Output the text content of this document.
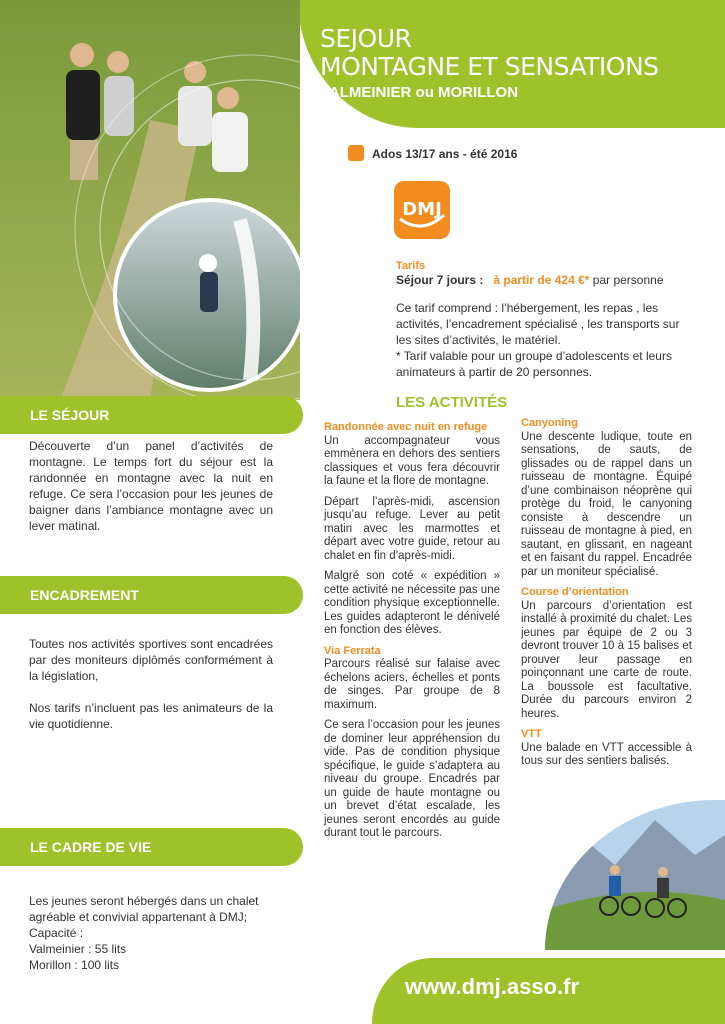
SEJOUR
MONTAGNE ET SENSATIONS
VALMEINIER ou MORILLON
Ados 13/17 ans - été 2016
DMJ
Tarifs
Séjour 7 jours : à partir de 424 €* par personne
Ce tarif comprend : l’hébergement, les repas , les activités, l’encadrement spécialisé , les transports sur les sites d’activités, le matériel.
* Tarif valable pour un groupe d’adolescents et leurs animateurs à partir de 20 personnes.
LE SÉJOUR
Découverte d’un panel d’activités de montagne. Le temps fort du séjour est la randonnée en montagne avec la nuit en refuge. Ce sera l’occasion pour les jeunes de baigner dans l’ambiance montagne avec un lever matinal.
ENCADREMENT
Toutes nos activités sportives sont encadrées par des moniteurs diplômés conformément à la législation,
Nos tarifs n’incluent pas les animateurs de la vie quotidienne.
LE CADRE DE VIE
Les jeunes seront hébergés dans un chalet agréable et convivial appartenant à DMJ;
Capacité :
Valmeinier : 55 lits
Morillon : 100 lits
LES ACTIVITÉS
Randonnée avec nuit en refuge

Un accompagnateur vous emmènera en dehors des sentiers classiques et vous fera découvrir la faune et la flore de montagne.

Départ l’après-midi, ascension jusqu’au refuge. Lever au petit matin avec les marmottes et départ avec votre guide, retour au chalet en fin d’après-midi.

Malgré son coté « expédition » cette activité ne nécessite pas une condition physique exceptionnelle. Les guides adapteront le dénivelé en fonction des élèves.

Via Ferrata

Parcours réalisé sur falaise avec échelons aciers, échelles et ponts de singes. Par groupe de 8 maximum.

Ce sera l’occasion pour les jeunes de dominer leur appréhension du vide. Pas de condition physique spécifique, le guide s’adaptera au niveau du groupe. Encadrés par un guide de haute montagne ou un brevet d’état escalade, les jeunes seront encordés au guide durant tout le parcours.

Canyoning

Une descente ludique, toute en sensations, de sauts, de glissades ou de rappel dans un ruisseau de montagne. Équipé d’une combinaison néoprène qui protège du froid, le canyoning consiste à descendre un ruisseau de montagne à pied, en sautant, en glissant, en nageant et en faisant du rappel. Encadrée par un moniteur spécialisé.

Course d’orientation

Un parcours d’orientation est installé à proximité du chalet. Les jeunes par équipe de 2 ou 3 devront trouver 10 à 15 balises et prouver leur passage en poinçonnant une carte de route. La boussole est facultative. Durée du parcours environ 2 heures.

VTT

Une balade en VTT accessible à tous sur des sentiers balisés.

www.dmj.asso.fr
